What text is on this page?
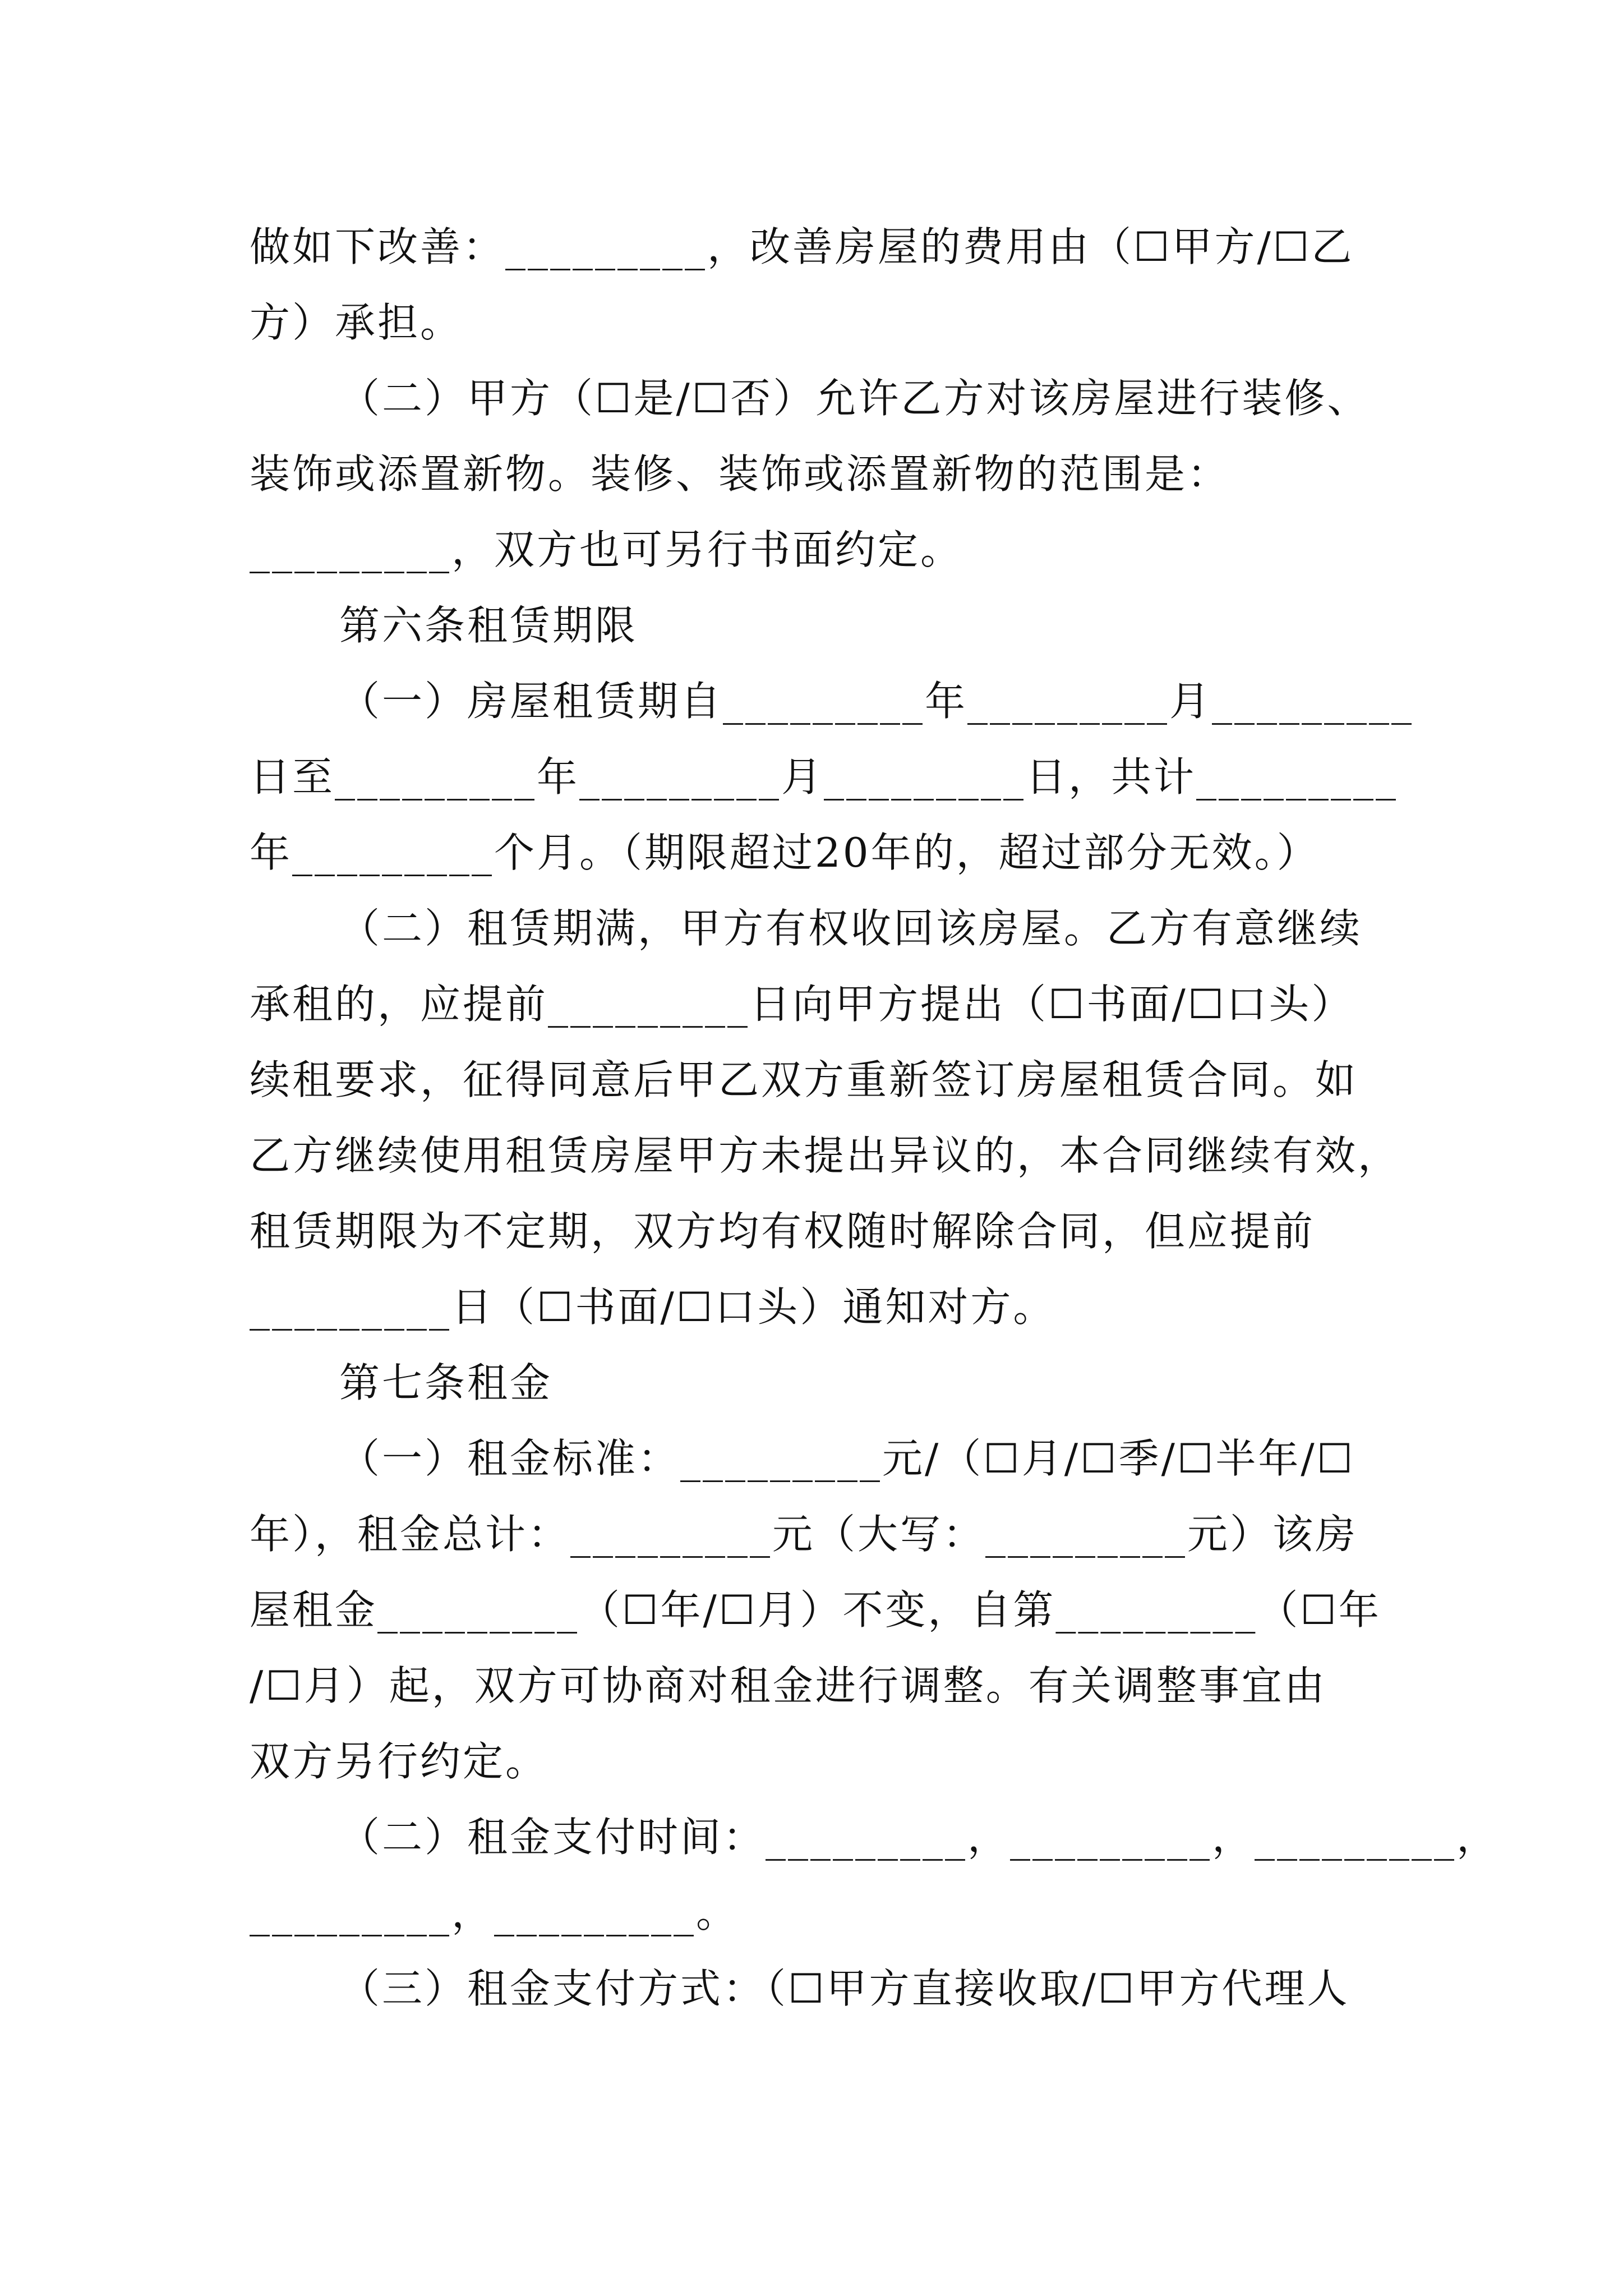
做如下改善：_________，改善房屋的费用由（☐甲方/☐乙
方）承担。
（二）甲方（☐是/☐否）允许乙方对该房屋进行装修、
装饰或添置新物。装修、装饰或添置新物的范围是：
_________，双方也可另行书面约定。
第六条租赁期限
（一）房屋租赁期自_________年_________月_________
日至_________年_________月_________日，共计_________
年_________个月。（期限超过20年的，超过部分无效。）
（二）租赁期满，甲方有权收回该房屋。乙方有意继续
承租的，应提前_________日向甲方提出（☐书面/☐口头）
续租要求，征得同意后甲乙双方重新签订房屋租赁合同。如
乙方继续使用租赁房屋甲方未提出异议的，本合同继续有效，
租赁期限为不定期，双方均有权随时解除合同，但应提前
_________日（☐书面/☐口头）通知对方。
第七条租金
（一）租金标准：_________元/（☐月/☐季/☐半年/☐
年），租金总计：_________元（大写：_________元）该房
屋租金_________（☐年/☐月）不变，自第_________（☐年
/☐月）起，双方可协商对租金进行调整。有关调整事宜由
双方另行约定。
（二）租金支付时间：_________，_________，_________，
_________，_________。
（三）租金支付方式：（☐甲方直接收取/☐甲方代理人
